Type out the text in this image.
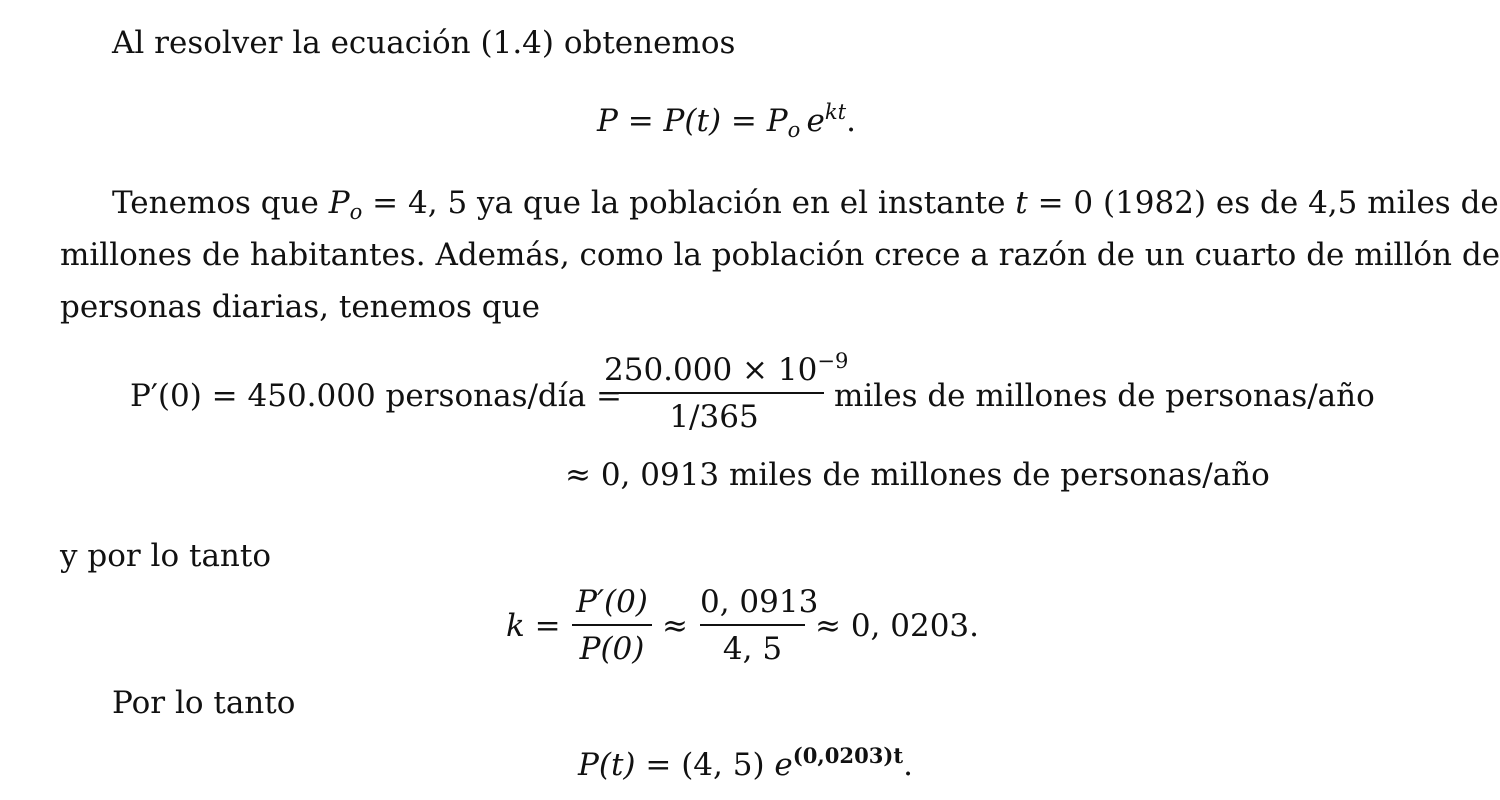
Al resolver la ecuación (1.4) obtenemos
P = P(t) = Po  $e^{kt}$.
Tenemos que Po = 4, 5 ya que la población en el instante t = 0 (1982) es de 4,5 miles de
millones de habitantes. Además, como la población crece a razón de un cuarto de millón de
personas diarias, tenemos que
P′(0) = 450.000 personas/día =
$250.000 \times 10^{-9}$
1/365
miles de millones de personas/año
≈ 0, 0913 miles de millones de personas/año
y por lo tanto
k =
P′(0)
P(0)
≈
0, 0913
4, 5
≈ 0, 0203.
Por lo tanto
P(t) = (4, 5) $e^{(0,0203)t}$.
